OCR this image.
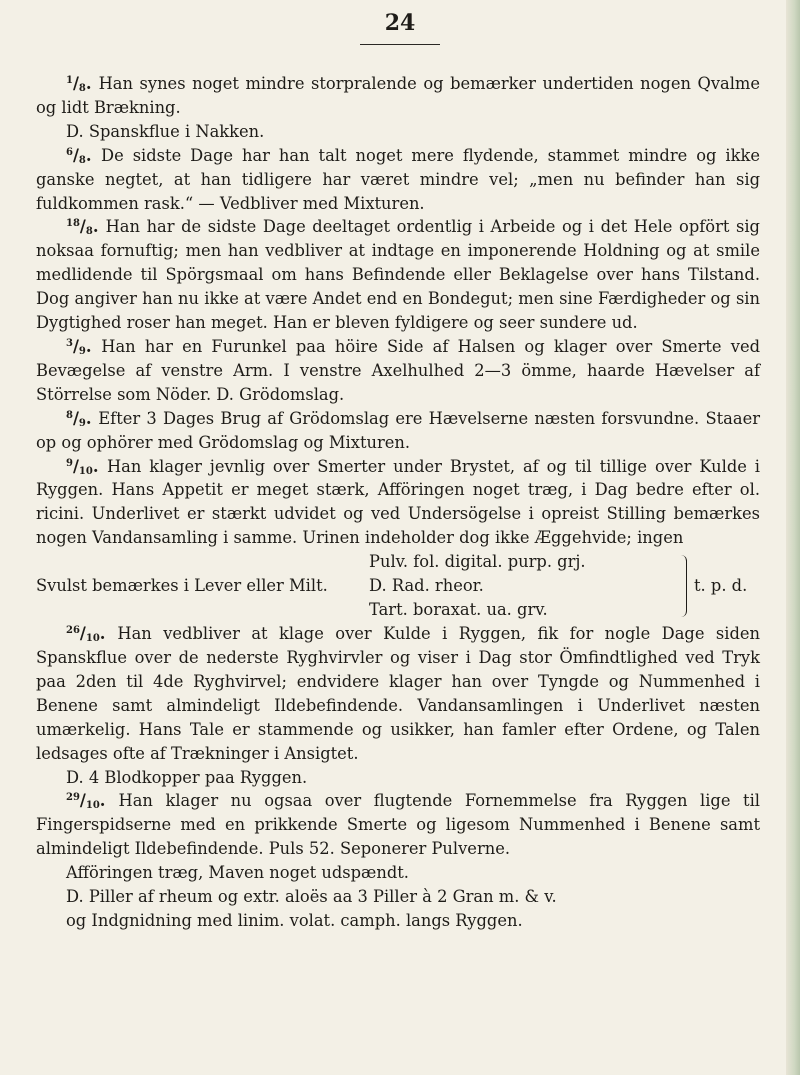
24

$^1/_8$. Han synes noget mindre storpralende og bemærker undertiden nogen Qvalme og lidt Brækning.

D. Spanskflue i Nakken.

$^6/_8$. De sidste Dage har han talt noget mere flydende, stammet mindre og ikke ganske negtet, at han tidligere har været mindre vel; „men nu befinder han sig fuldkommen rask.“ — Vedbliver med Mixturen.

$^{18}/_8$. Han har de sidste Dage deeltaget ordentlig i Arbeide og i det Hele opfört sig noksaa fornuftig; men han vedbliver at indtage en imponerende Holdning og at smile medlidende til Spörgsmaal om hans Befindende eller Beklagelse over hans Tilstand. Dog angiver han nu ikke at være Andet end en Bondegut; men sine Færdigheder og sin Dygtighed roser han meget. Han er bleven fyldigere og seer sundere ud.

$^3/_9$. Han har en Furunkel paa höire Side af Halsen og klager over Smerte ved Bevægelse af venstre Arm. I venstre Axelhulhed 2—3 ömme, haarde Hævelser af Störrelse som Nöder. D. Grödomslag.

$^8/_9$. Efter 3 Dages Brug af Grödomslag ere Hævelserne næsten forsvundne. Staaer op og ophörer med Grödomslag og Mixturen.

$^9/_{10}$. Han klager jevnlig over Smerter under Brystet, af og til tillige over Kulde i Ryggen. Hans Appetit er meget stærk, Afföringen noget træg, i Dag bedre efter ol. ricini. Underlivet er stærkt udvidet og ved Undersögelse i opreist Stilling bemærkes nogen Vandansamling i samme. Urinen indeholder dog ikke Æggehvide; ingen

Svulst bemærkes i Lever eller Milt.
Pulv. fol. digital. purp. grj.
D. Rad. rheor.
Tart. boraxat. ua. grv.
t. p. d.

$^{26}/_{10}$. Han vedbliver at klage over Kulde i Ryggen, fik for nogle Dage siden Spanskflue over de nederste Ryghvirvler og viser i Dag stor Ömfindtlighed ved Tryk paa 2den til 4de Ryghvirvel; endvidere klager han over Tyngde og Nummenhed i Benene samt almindeligt Ildebefindende. Vandansamlingen i Underlivet næsten umærkelig. Hans Tale er stammende og usikker, han famler efter Ordene, og Talen ledsages ofte af Trækninger i Ansigtet.

D. 4 Blodkopper paa Ryggen.

$^{29}/_{10}$. Han klager nu ogsaa over flugtende Fornemmelse fra Ryggen lige til Fingerspidserne med en prikkende Smerte og ligesom Nummenhed i Benene samt almindeligt Ildebefindende. Puls 52. Seponerer Pulverne.

Afföringen træg, Maven noget udspændt.

D. Piller af rheum og extr. aloës aa 3 Piller à 2 Gran m. & v.

og Indgnidning med linim. volat. camph. langs Ryggen.
